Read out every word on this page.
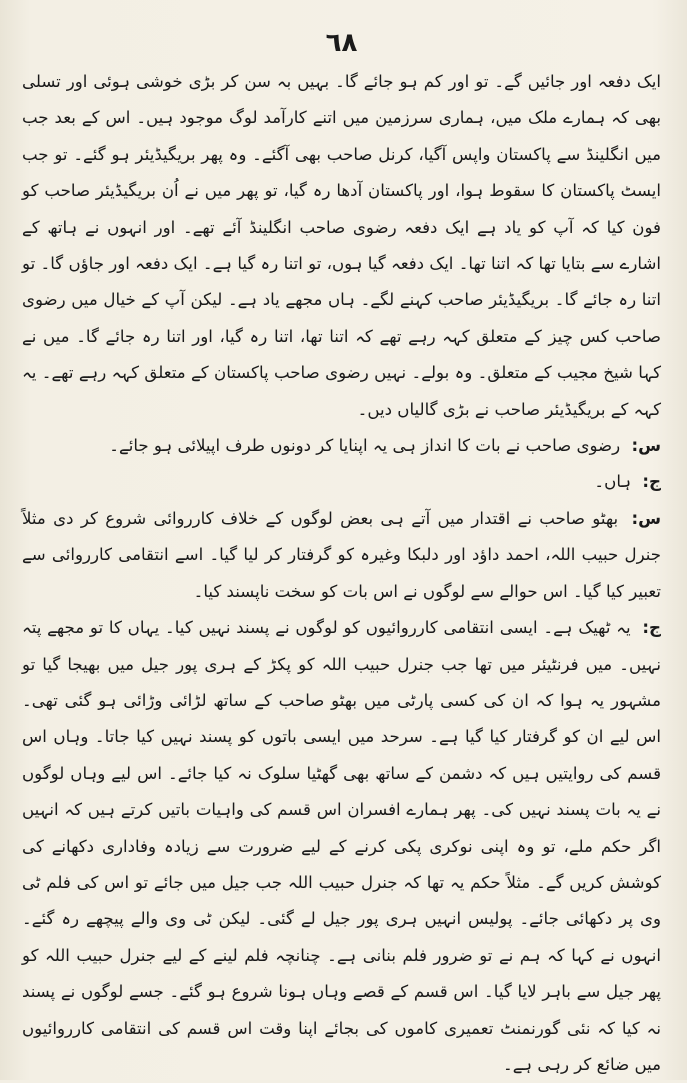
٦٨

ایک دفعہ اور جائیں گے۔ تو اور کم ہو جائے گا۔ بہیں بہ سن کر بڑی خوشی ہوئی اور تسلی بھی کہ ہمارے ملک میں، ہماری سرزمین میں اتنے کارآمد لوگ موجود ہیں۔ اس کے بعد جب میں انگلینڈ سے پاکستان واپس آگیا، کرنل صاحب بھی آگئے۔ وہ پھر بریگیڈیئر ہو گئے۔ تو جب ایسٹ پاکستان کا سقوط ہوا، اور پاکستان آدھا رہ گیا، تو پھر میں نے اُن بریگیڈیئر صاحب کو فون کیا کہ آپ کو یاد ہے ایک دفعہ رضوی صاحب انگلینڈ آئے تھے۔ اور انہوں نے ہاتھ کے اشارے سے بتایا تھا کہ اتنا تھا۔ ایک دفعہ گیا ہوں، تو اتنا رہ گیا ہے۔ ایک دفعہ اور جاؤں گا۔ تو اتنا رہ جائے گا۔ بریگیڈیئر صاحب کہنے لگے۔ ہاں مجھے یاد ہے۔ لیکن آپ کے خیال میں رضوی صاحب کس چیز کے متعلق کہہ رہے تھے کہ اتنا تھا، اتنا رہ گیا، اور اتنا رہ جائے گا۔ میں نے کہا شیخ مجیب کے متعلق۔ وہ بولے۔ نہیں رضوی صاحب پاکستان کے متعلق کہہ رہے تھے۔ یہ کہہ کے بریگیڈیئر صاحب نے بڑی گالیاں دیں۔

س: رضوی صاحب نے بات کا انداز ہی یہ اپنایا کر دونوں طرف اپیلائی ہو جائے۔

ج: ہاں۔

س: بھٹو صاحب نے اقتدار میں آتے ہی بعض لوگوں کے خلاف کارروائی شروع کر دی مثلاً جنرل حبیب اللہ، احمد داؤد اور دلبکا وغیرہ کو گرفتار کر لیا گیا۔ اسے انتقامی کارروائی سے تعبیر کیا گیا۔ اس حوالے سے لوگوں نے اس بات کو سخت ناپسند کیا۔

ج: یہ ٹھیک ہے۔ ایسی انتقامی کارروائیوں کو لوگوں نے پسند نہیں کیا۔ یہاں کا تو مجھے پتہ نہیں۔ میں فرنٹیئر میں تھا جب جنرل حبیب اللہ کو پکڑ کے ہری پور جیل میں بھیجا گیا تو مشہور یہ ہوا کہ ان کی کسی پارٹی میں بھٹو صاحب کے ساتھ لڑائی وڑائی ہو گئی تھی۔ اس لیے ان کو گرفتار کیا گیا ہے۔ سرحد میں ایسی باتوں کو پسند نہیں کیا جاتا۔ وہاں اس قسم کی روایتیں ہیں کہ دشمن کے ساتھ بھی گھٹیا سلوک نہ کیا جائے۔ اس لیے وہاں لوگوں نے یہ بات پسند نہیں کی۔ پھر ہمارے افسران اس قسم کی واہیات باتیں کرتے ہیں کہ انہیں اگر حکم ملے، تو وہ اپنی نوکری پکی کرنے کے لیے ضرورت سے زیادہ وفاداری دکھانے کی کوشش کریں گے۔ مثلاً حکم یہ تھا کہ جنرل حبیب اللہ جب جیل میں جائے تو اس کی فلم ٹی وی پر دکھائی جائے۔ پولیس انہیں ہری پور جیل لے گئی۔ لیکن ٹی وی والے پیچھے رہ گئے۔ انہوں نے کہا کہ ہم نے تو ضرور فلم بنانی ہے۔ چنانچہ فلم لینے کے لیے جنرل حبیب اللہ کو پھر جیل سے باہر لایا گیا۔ اس قسم کے قصے وہاں ہونا شروع ہو گئے۔ جسے لوگوں نے پسند نہ کیا کہ نئی گورنمنٹ تعمیری کاموں کی بجائے اپنا وقت اس قسم کی انتقامی کارروائیوں میں ضائع کر رہی ہے۔
